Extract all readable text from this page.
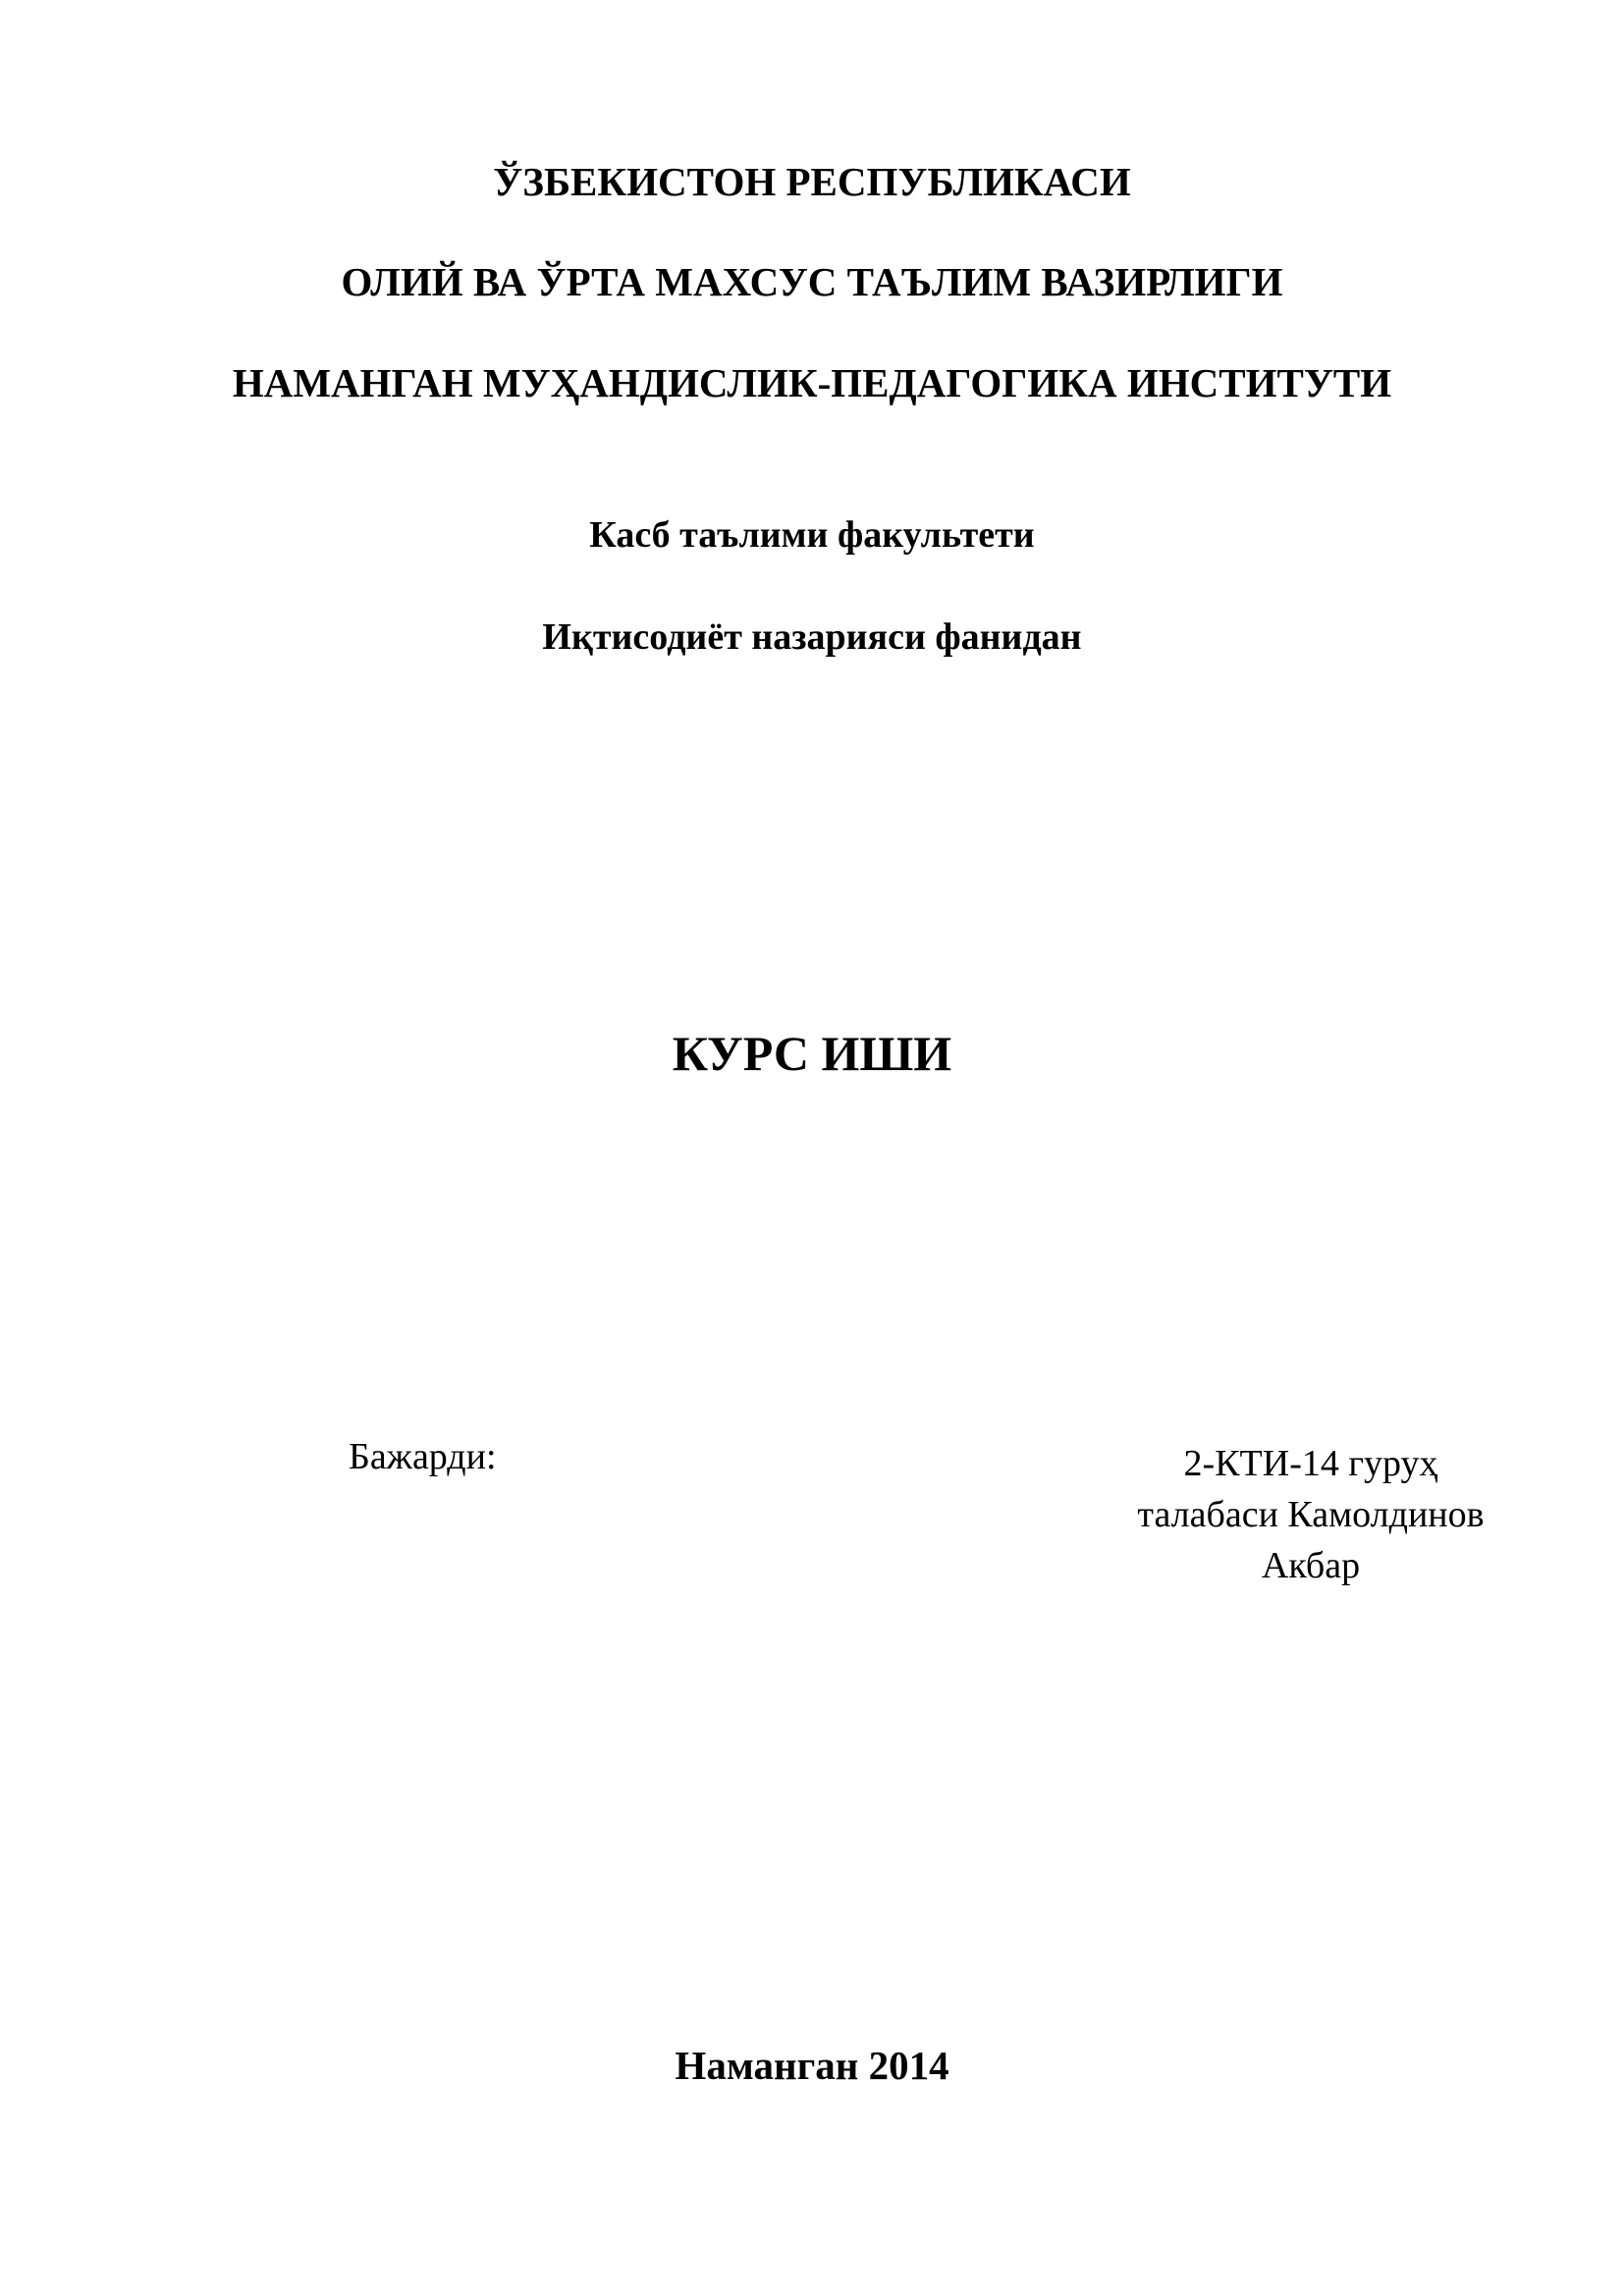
ЎЗБЕКИСТОН РЕСПУБЛИКАСИ
ОЛИЙ ВА ЎРТА МАХСУС ТАЪЛИМ ВАЗИРЛИГИ
НАМАНГАН МУҲАНДИСЛИК-ПЕДАГОГИКА ИНСТИТУТИ
Касб таълими факультети
Иқтисодиёт назарияси фанидан
КУРС ИШИ
Бажарди:	2-КТИ-14 гуруҳ
талабаси Камолдинов
Акбар
Наманган 2014
